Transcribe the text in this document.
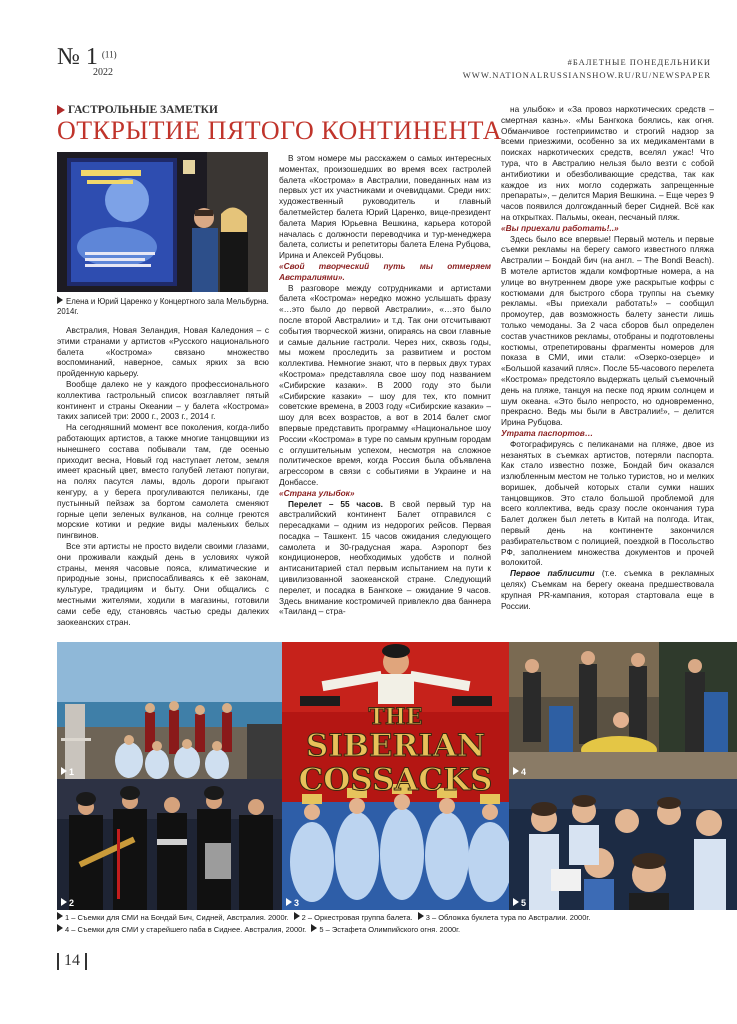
№ 1 $^{(11)}$
2022
#БАЛЕТНЫЕ ПОНЕДЕЛЬНИКИ
WWW.NATIONALRUSSIANSHOW.RU/RU/NEWSPAPER
ГАСТРОЛЬНЫЕ ЗАМЕТКИ
ОТКРЫТИЕ ПЯТОГО КОНТИНЕНТА

Елена и Юрий Царенко у Концертного зала Мельбурна. 2014г.

Австралия, Новая Зеландия, Новая Каледония – с этими странами у артистов «Русского национального балета «Кострома» связано множество воспоминаний, наверное, самых ярких за всю пройденную карьеру.

Вообще далеко не у каждого профессионального коллектива гастрольный список возглавляет пятый континент и страны Океании – у балета «Кострома» таких записей три: 2000 г., 2003 г., 2014 г.

На сегодняшний момент все поколения, когда-либо работающих артистов, а также многие танцовщики из нынешнего состава побывали там, где осенью приходит весна, Новый год наступает летом, земля имеет красный цвет, вместо голубей летают попугаи, на полях пасутся ламы, вдоль дороги прыгают кенгуру, а у берега прогуливаются пеликаны, где пустынный пейзаж за бортом самолета сменяют горные цепи зеленых вулканов, на солнце греются морские котики и редкие виды маленьких белых пингвинов.

Все эти артисты не просто видели своими глазами, они проживали каждый день в условиях чужой страны, меняя часовые пояса, климатические и природные зоны, приспосабливаясь к её законам, культуре, традициям и быту. Они общались с местными жителями, ходили в магазины, готовили сами себе еду, становясь частью среды далеких заокеанских стран.

В этом номере мы расскажем о самых интересных моментах, произошедших во время всех гастролей балета «Кострома» в Австралии, поведанных нам из первых уст их участниками и очевидцами. Среди них: художественный руководитель и главный балетмейстер балета Юрий Царенко, вице-президент балета Мария Юрьевна Вешкина, карьера которой началась с должности переводчика и тур-менеджера балета, солисты и репетиторы балета Елена Рубцова, Ирина и Алексей Рубцовы.

«Свой творческий путь мы отмеряем Австралиями».

В разговоре между сотрудниками и артистами балета «Кострома» нередко можно услышать фразу «…это было до первой Австралии», «…это было после второй Австралии» и т.д. Так они отсчитывают события творческой жизни, опираясь на свои главные и самые дальние гастроли. Через них, сквозь годы, мы можем проследить за развитием и ростом коллектива. Немногие знают, что в первых двух турах «Кострома» представляла свое шоу под названием «Сибирские казаки». В 2000 году это были «Сибирские казаки» – шоу для тех, кто помнит советские времена, в 2003 году «Сибирские казаки» – шоу для всех возрастов, а вот в 2014 балет смог впервые представить программу «Национальное шоу России «Кострома» в туре по самым крупным городам с оглушительным успехом, несмотря на сложное политическое время, когда Россия была объявлена агрессором в связи с событиями в Украине и на Донбассе.

«Страна улыбок»

Перелет – 55 часов. В свой первый тур на австралийский континент Балет отправился с пересадками – одним из недорогих рейсов. Первая посадка – Ташкент. 15 часов ожидания следующего самолета и 30-градусная жара. Аэропорт без кондиционеров, необходимых удобств и полной антисанитарией стал первым испытанием на пути к цивилизованной заокеанской стране. Следующий перелет, и посадка в Бангкоке – ожидание 9 часов. Здесь внимание костромичей привлекло два баннера «Таиланд – стра-

на улыбок» и «За провоз наркотических средств – смертная казнь». «Мы Бангкока боялись, как огня. Обманчивое гостеприимство и строгий надзор за всеми приезжими, особенно за их медикаментами в поисках наркотических средств, вселял ужас! Что тура, что в Австралию нельзя было везти с собой антибиотики и обезболивающие средства, так как каждое из них могло содержать запрещенные препараты», – делится Мария Вешкина. – Еще через 9 часов появился долгожданный берег Сидней. Всё как на открытках. Пальмы, океан, песчаный пляж.

«Вы приехали работать!..»

Здесь было все впервые! Первый мотель и первые съемки рекламы на берегу самого известного пляжа Австралии – Бондай бич (на англ. – The Bondi Beach). В мотеле артистов ждали комфортные номера, а на улице во внутреннем дворе уже раскрытые кофры с костюмами для быстрого сбора труппы на съемку рекламы. «Вы приехали работать!» – сообщил промоутер, дав возможность балету занести лишь только чемоданы. За 2 часа сборов был определен состав участников рекламы, отобраны и подготовлены костюмы, отрепетированы фрагменты номеров для показа в СМИ, ими стали: «Озерко-озерце» и «Большой казачий пляс». После 55-часового перелета «Кострома» предстояло выдержать целый съемочный день на пляже, танцуя на песке под ярким солнцем и шум океана. «Это было непросто, но одновременно, прекрасно. Ведь мы были в Австралии!», – делится Ирина Рубцова.

Утрата паспортов…

Фотографируясь с пеликанами на пляже, двое из незанятых в съемках артистов, потеряли паспорта. Как стало известно позже, Бондай бич оказался излюбленным местом не только туристов, но и мелких воришек, добычей которых стали сумки наших танцовщиков. Это стало большой проблемой для всего коллектива, ведь сразу после окончания тура Балет должен был лететь в Китай на полгода. Итак, первый день на континенте закончился разбирательством с полицией, поездкой в Посольство РФ, заполнением множества документов и прочей волокитой.

Первое паблисити (т.е. съемка в рекламных целях) Съемкам на берегу океана предшествовала крупная PR-кампания, которая стартовала еще в России.

1
2
THE
SIBERIAN
COSSACKS
3
4
5
1 – Съемки для СМИ на Бондай Бич, Сидней, Австралия. 2000г. 2 – Оркестровая группа балета. 3 – Обложка буклета тура по Австралии. 2000г.
4 – Съемки для СМИ у старейшего паба в Сиднее. Австралия, 2000г. 5 – Эстафета Олимпийского огня. 2000г.
14
